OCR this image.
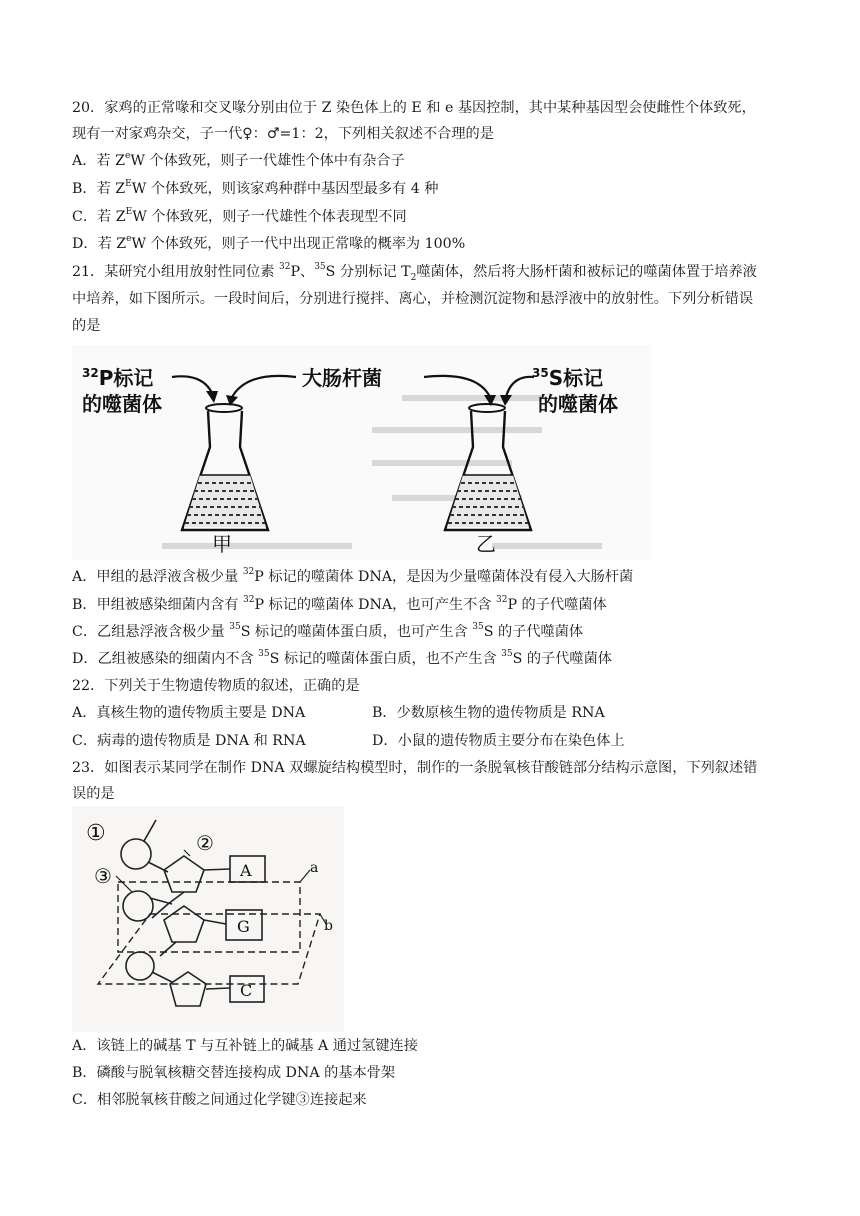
20．家鸡的正常喙和交叉喙分别由位于 Z 染色体上的 E 和 e 基因控制，其中某种基因型会使雌性个体致死，
现有一对家鸡杂交，子一代♀：♂=1：2，下列相关叙述不合理的是
A．若 $Z^eW$ 个体致死，则子一代雄性个体中有杂合子
B．若 $Z^EW$ 个体致死，则该家鸡种群中基因型最多有 4 种
C．若 $Z^EW$ 个体致死，则子一代雄性个体表现型不同
D．若 $Z^eW$ 个体致死，则子一代中出现正常喙的概率为 100%
21．某研究小组用放射性同位素 $^{32}$P、$^{35}$S 分别标记 $T_2$噬菌体，然后将大肠杆菌和被标记的噬菌体置于培养液
中培养，如下图所示。一段时间后，分别进行搅拌、离心，并检测沉淀物和悬浮液中的放射性。下列分析错误
的是
$^{32}$P标记
的噬菌体
$^{35}$S标记
的噬菌体
大肠杆菌
甲	乙
A．甲组的悬浮液含极少量 $^{32}$P 标记的噬菌体 DNA，是因为少量噬菌体没有侵入大肠杆菌
B．甲组被感染细菌内含有 $^{32}$P 标记的噬菌体 DNA，也可产生不含 $^{32}$P 的子代噬菌体
C．乙组悬浮液含极少量 $^{35}$S 标记的噬菌体蛋白质，也可产生含 $^{35}$S 的子代噬菌体
D．乙组被感染的细菌内不含 $^{35}$S 标记的噬菌体蛋白质，也不产生含 $^{35}$S 的子代噬菌体
22．下列关于生物遗传物质的叙述，正确的是
A．真核生物的遗传物质主要是 DNA	B．少数原核生物的遗传物质是 RNA
C．病毒的遗传物质是 DNA 和 RNA	D．小鼠的遗传物质主要分布在染色体上
23．如图表示某同学在制作 DNA 双螺旋结构模型时，制作的一条脱氧核苷酸链部分结构示意图，下列叙述错
误的是
①	②
③	A
G
C
a
b
A．该链上的碱基 T 与互补链上的碱基 A 通过氢键连接
B．磷酸与脱氧核糖交替连接构成 DNA 的基本骨架
C．相邻脱氧核苷酸之间通过化学键③连接起来
